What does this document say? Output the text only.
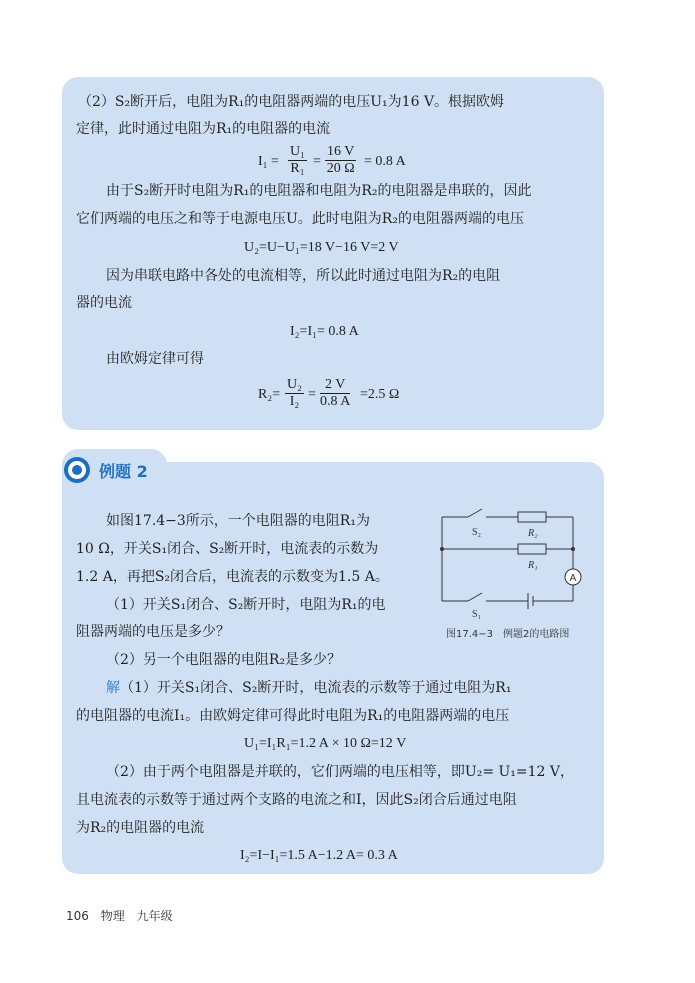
（2）S₂断开后，电阻为R₁的电阻器两端的电压U₁为16 V。根据欧姆
定律，此时通过电阻为R₁的电阻器的电流
$I_1 = \frac{\text{U₁}}{\text{R₁}} = \frac{16 V}{20 \Omega} = 0.8$ A
由于S₂断开时电阻为R₁的电阻器和电阻为R₂的电阻器是串联的，因此
它们两端的电压之和等于电源电压U。此时电阻为R₂的电阻器两端的电压
U₂=U−U₁=18 V−16 V=2 V
因为串联电路中各处的电流相等，所以此时通过电阻为R₂的电阻
器的电流
I₂=I₁= 0.8 A
由欧姆定律可得
$R_2= \frac{\text{U₂}}{\text{I₂}} = \frac{2 V}{0.8 A} =2.5$ Ω
例题 2
如图17.4−3所示，一个电阻器的电阻R₁为
10 Ω，开关S₁闭合、S₂断开时，电流表的示数为
1.2 A，再把S₂闭合后，电流表的示数变为1.5 A。
（1）开关S₁闭合、S₂断开时，电阻为R₁的电
阻器两端的电压是多少？
（2）另一个电阻器的电阻R₂是多少？
A
S₂	R₂
R₁
S₁
图17.4−3　例题2的电路图
解（1）开关S₁闭合、S₂断开时，电流表的示数等于通过电阻为R₁
的电阻器的电流I₁。由欧姆定律可得此时电阻为R₁的电阻器两端的电压
U₁=I₁R₁=1.2 A × 10 Ω=12 V
（2）由于两个电阻器是并联的，它们两端的电压相等，即U₂= U₁=12 V，
且电流表的示数等于通过两个支路的电流之和I，因此S₂闭合后通过电阻
为R₂的电阻器的电流
I₂=I−I₁=1.5 A−1.2 A= 0.3 A
106 物理 九年级
